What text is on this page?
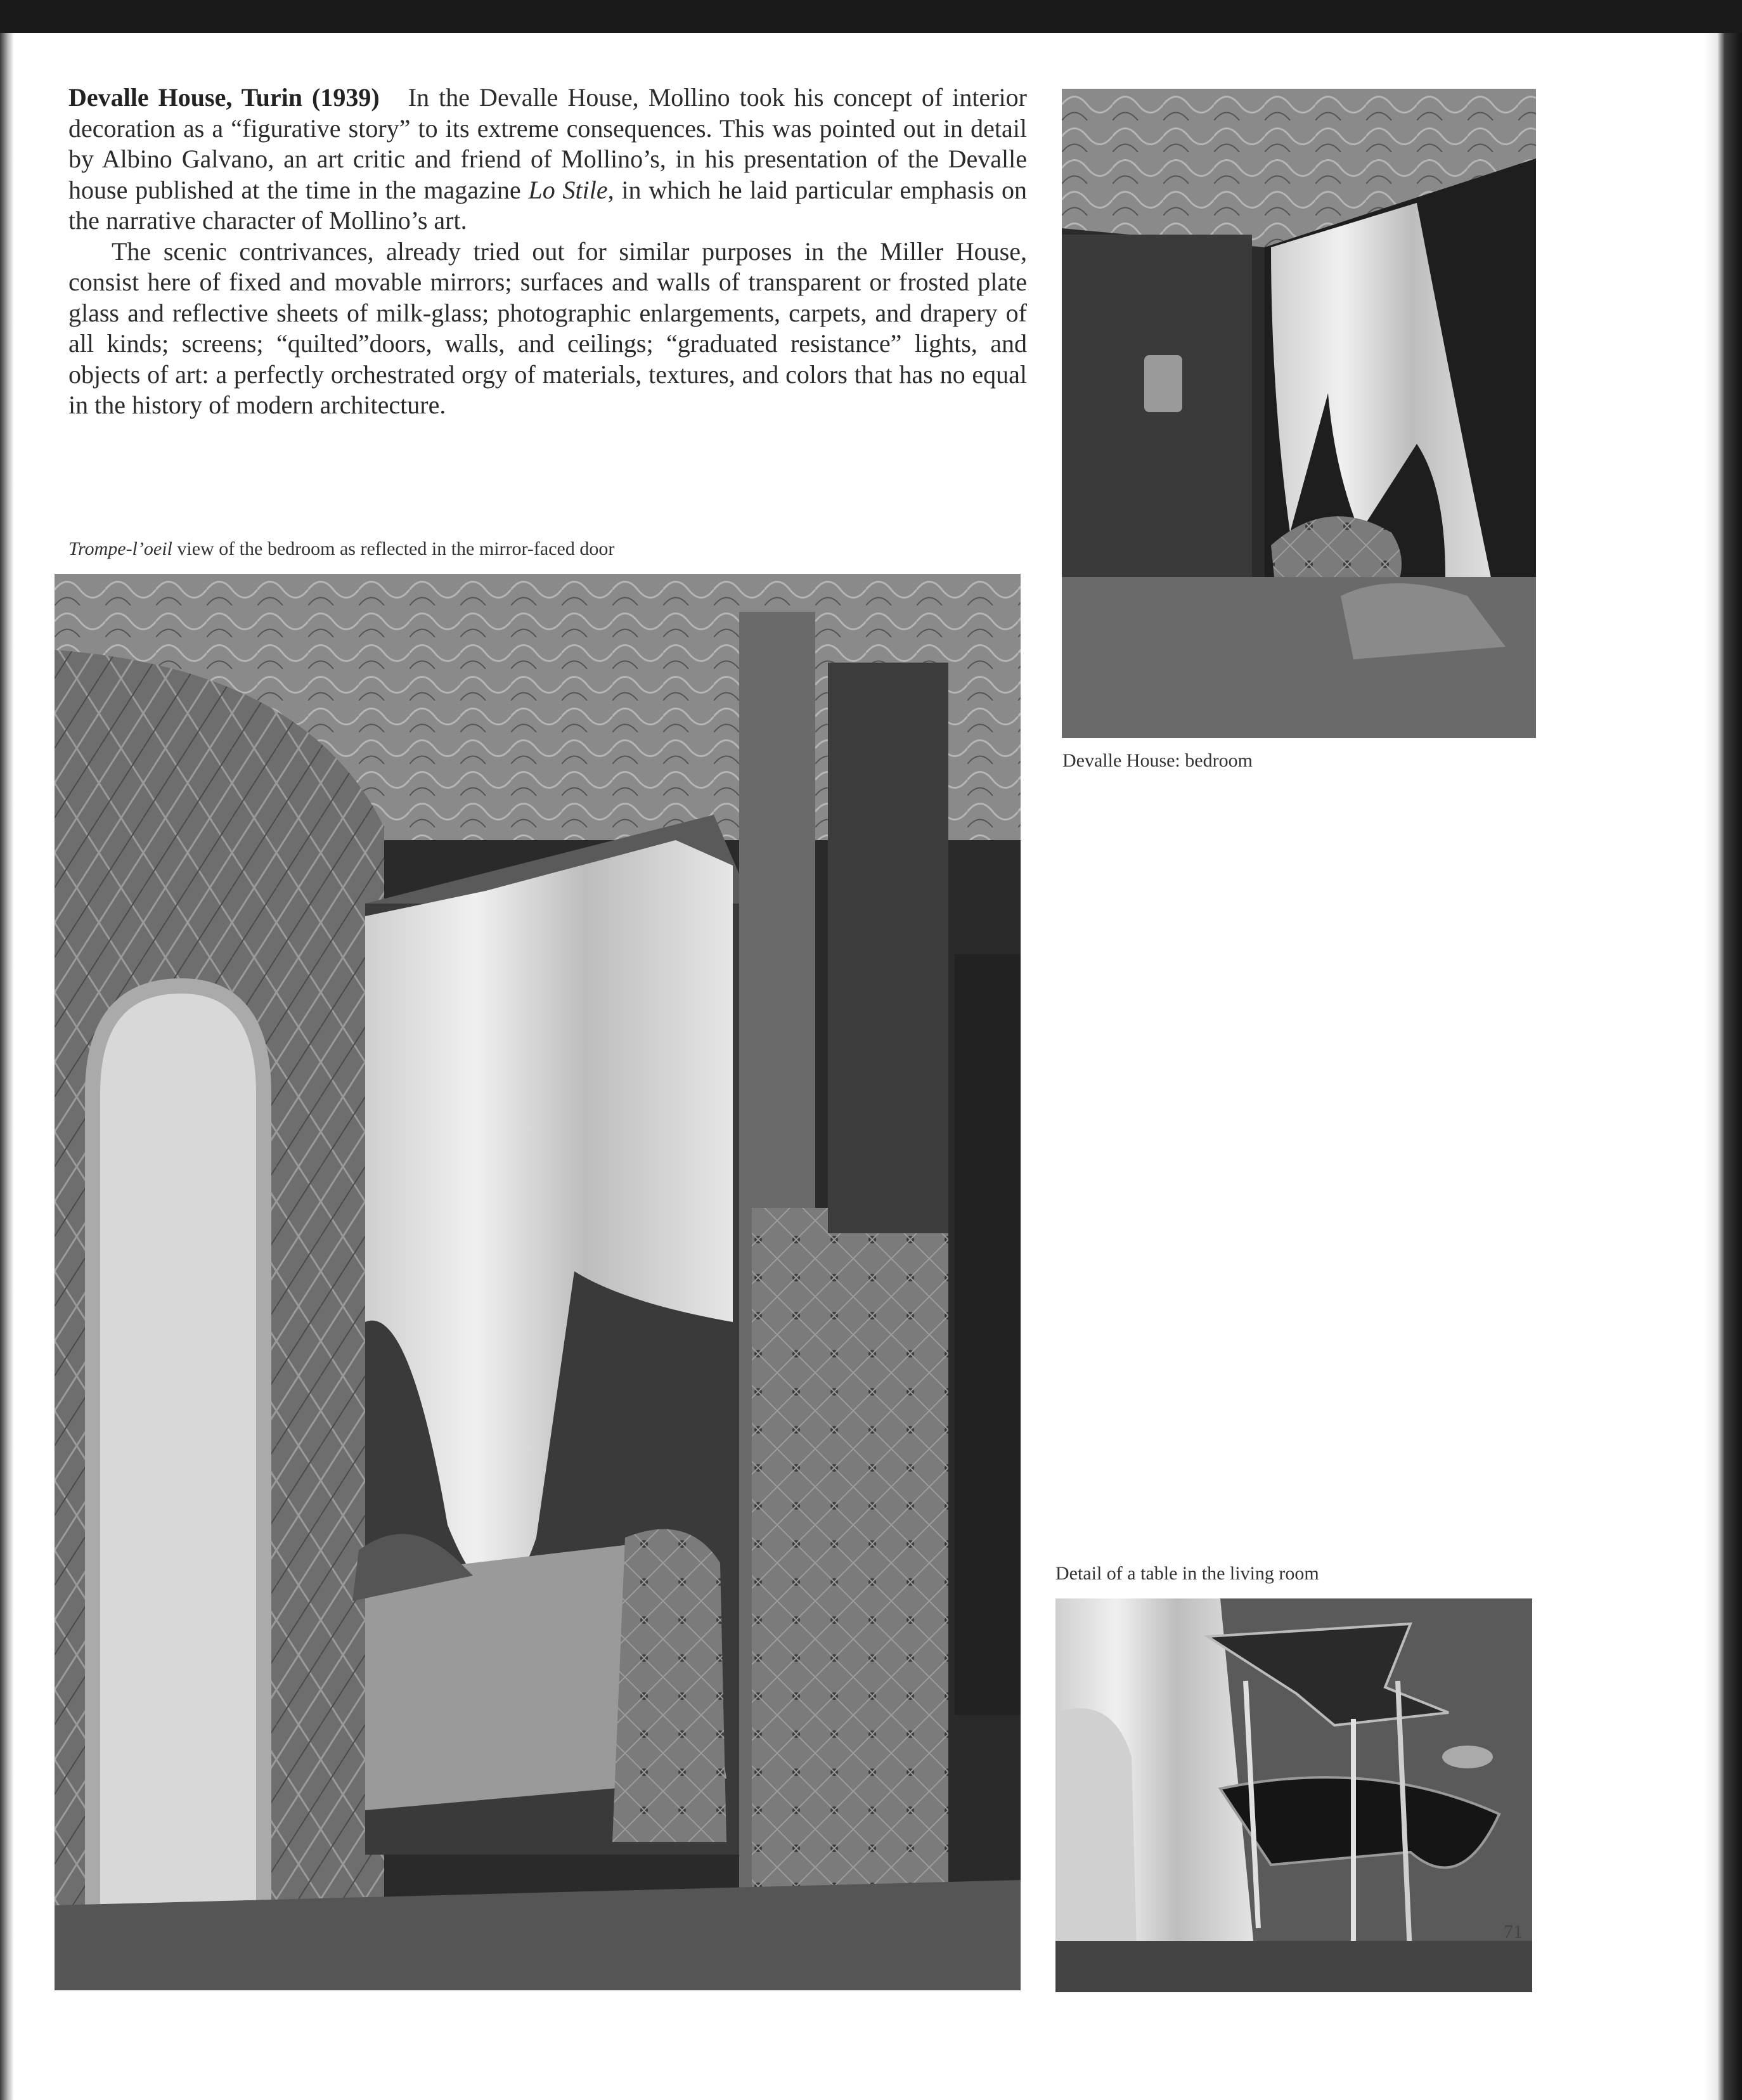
Devalle House, Turin (1939) In the Devalle House, Mollino took his concept of interior decoration as a “figurative story” to its extreme consequences. This was pointed out in detail by Albino Galvano, an art critic and friend of Mollino’s, in his presentation of the Devalle house published at the time in the magazine Lo Stile, in which he laid particular emphasis on the narrative character of Mollino’s art.

The scenic contrivances, already tried out for similar purposes in the Miller House, consist here of fixed and movable mirrors; surfaces and walls of transparent or frosted plate glass and reflective sheets of milk-glass; photographic enlargements, carpets, and drapery of all kinds; screens; “quilted”doors, walls, and ceilings; “graduated resistance” lights, and objects of art: a perfectly orchestrated orgy of materials, textures, and colors that has no equal in the history of modern architecture.

Trompe-l’oeil view of the bedroom as reflected in the mirror-faced door
Devalle House: bedroom
Detail of a table in the living room
71
